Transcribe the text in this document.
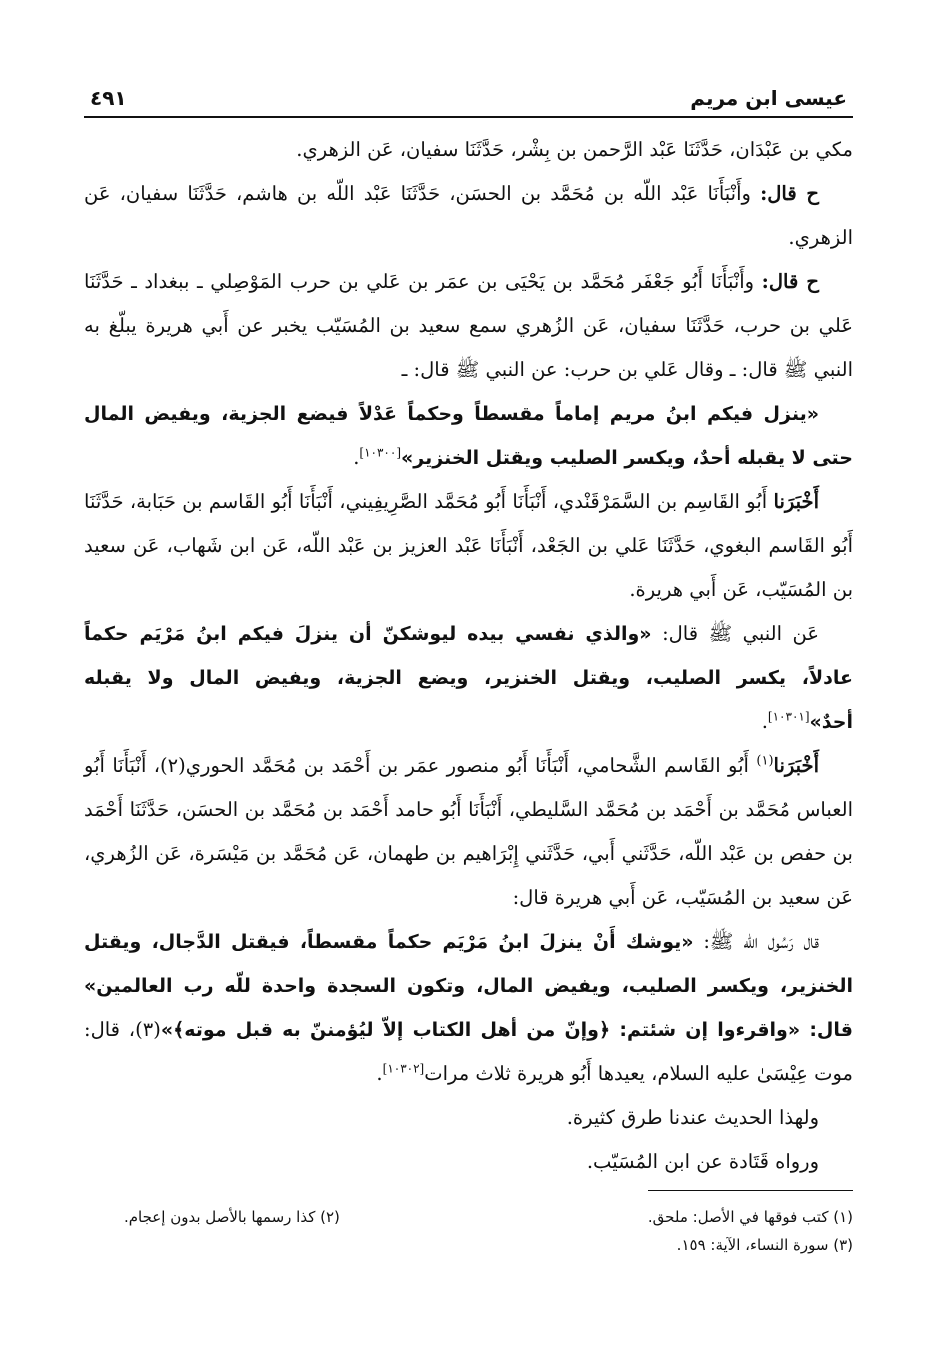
عيسى ابن مريم
٤٩١

مكي بن عَبْدَان، حَدَّثَنَا عَبْد الرَّحمن بن بِشْر، حَدَّثَنَا سفيان، عَن الزهري.

ح قال: وأَنْبَأَنَا عَبْد اللّه بن مُحَمَّد بن الحسَن، حَدَّثَنَا عَبْد اللّه بن هاشم، حَدَّثَنَا سفيان، عَن الزهري.

ح قال: وأَنْبَأَنَا أَبُو جَعْفَر مُحَمَّد بن يَحْيَى بن عمَر بن عَلي بن حرب المَوْصِلي ـ ببغداد ـ حَدَّثَنَا عَلي بن حرب، حَدَّثَنَا سفيان، عَن الزُهري سمع سعيد بن المُسَيّب يخبر عن أَبي هريرة يبلّغ به النبي ﷺ قال: ـ وقال عَلي بن حرب: عن النبي ﷺ قال: ـ

«ينزل فيكم ابنُ مريم إماماً مقسطاً وحكماً عَدْلاً فيضع الجزية، ويفيض المال حتى لا يقبله أحدٌ، ويكسر الصليب ويقتل الخنزير»[١٠٣٠٠].

أَخْبَرَنا أَبُو القَاسِم بن السَّمَرْقَنْدي، أَنْبَأَنَا أَبُو مُحَمَّد الصَّرِيفِيني، أَنْبَأَنَا أَبُو القَاسم بن حَبَابة، حَدَّثَنَا أَبُو القَاسم البغوي، حَدَّثَنَا عَلي بن الجَعْد، أَنْبَأَنَا عَبْد العزيز بن عَبْد اللّه، عَن ابن شَهاب، عَن سعيد بن المُسَيّب، عَن أَبي هريرة.

عَن النبي ﷺ قال: «والذي نفسي بيده ليوشكنّ أن ينزلَ فيكم ابنُ مَرْيَم حكماً عادلاً، يكسر الصليب، ويقتل الخنزير، ويضع الجزية، ويفيض المال ولا يقبله أحدٌ»[١٠٣٠١].

أَخْبَرَنا$^{(١)}$ أَبُو القَاسم الشَّحامي، أَنْبَأَنَا أَبُو منصور عمَر بن أَحْمَد بن مُحَمَّد الحوري(٢)، أَنْبَأَنَا أَبُو العباس مُحَمَّد بن أَحْمَد بن مُحَمَّد السَّليطي، أَنْبَأَنَا أَبُو حامد أَحْمَد بن مُحَمَّد بن الحسَن، حَدَّثَنَا أَحْمَد بن حفص بن عَبْد اللّه، حَدَّثَني أَبي، حَدَّثَني إِبْرَاهيم بن طهمان، عَن مُحَمَّد بن مَيْسَرة، عَن الزُهري، عَن سعيد بن المُسَيّب، عَن أَبي هريرة قال:

قال رَسُول اللّه ﷺ: «يوشك أَنْ ينزلَ ابنُ مَرْيَم حكماً مقسطاً، فيقتل الدَّجال، ويقتل الخنزير، ويكسر الصليب، ويفيض المال، وتكون السجدة واحدة للّه رب العالمين» قال: «واقرءوا إن شئتم: ﴿وإنّ من أهل الكتاب إلاّ ليُؤمننّ به قبل موته﴾»(٣)، قال: موت عِيْسَىٰ عليه السلام، يعيدها أَبُو هريرة ثلاث مرات[١٠٣٠٢].

ولهذا الحديث عندنا طرق كثيرة.

ورواه قَتَادة عن ابن المُسَيّب.

(١) كتب فوقها في الأصل: ملحق.
(٢) كذا رسمها بالأصل بدون إعجام.
(٣) سورة النساء، الآية: ١٥٩.
